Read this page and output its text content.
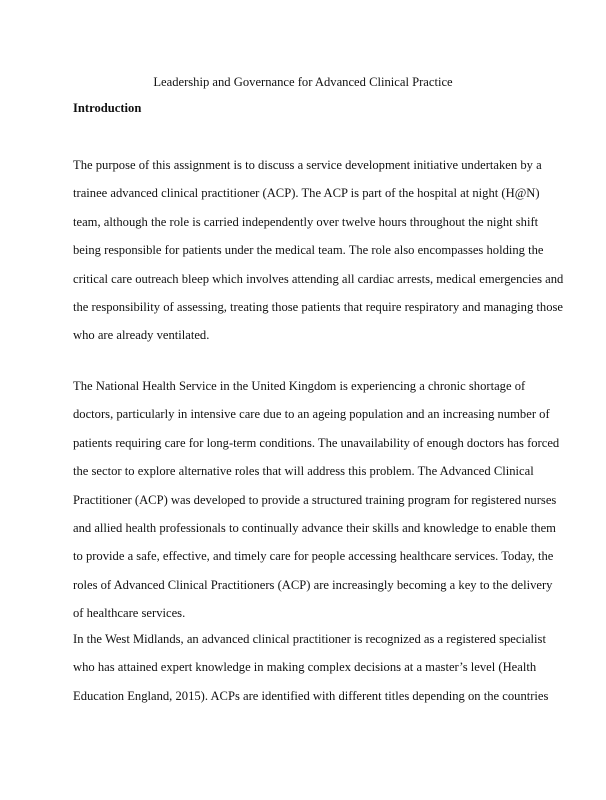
Leadership and Governance for Advanced Clinical Practice

Introduction

The purpose of this assignment is to discuss a service development initiative undertaken by a
trainee advanced clinical practitioner (ACP). The ACP is part of the hospital at night (H@N)
team, although the role is carried independently over twelve hours throughout the night shift
being responsible for patients under the medical team. The role also encompasses holding the
critical care outreach bleep which involves attending all cardiac arrests, medical emergencies and
the responsibility of assessing, treating those patients that require respiratory and managing those
who are already ventilated.
The National Health Service in the United Kingdom is experiencing a chronic shortage of
doctors, particularly in intensive care due to an ageing population and an increasing number of
patients requiring care for long-term conditions. The unavailability of enough doctors has forced
the sector to explore alternative roles that will address this problem. The Advanced Clinical
Practitioner (ACP) was developed to provide a structured training program for registered nurses
and allied health professionals to continually advance their skills and knowledge to enable them
to provide a safe, effective, and timely care for people accessing healthcare services. Today, the
roles of Advanced Clinical Practitioners (ACP) are increasingly becoming a key to the delivery
of healthcare services.
In the West Midlands, an advanced clinical practitioner is recognized as a registered specialist
who has attained expert knowledge in making complex decisions at a master’s level (Health
Education England, 2015). ACPs are identified with different titles depending on the countries
